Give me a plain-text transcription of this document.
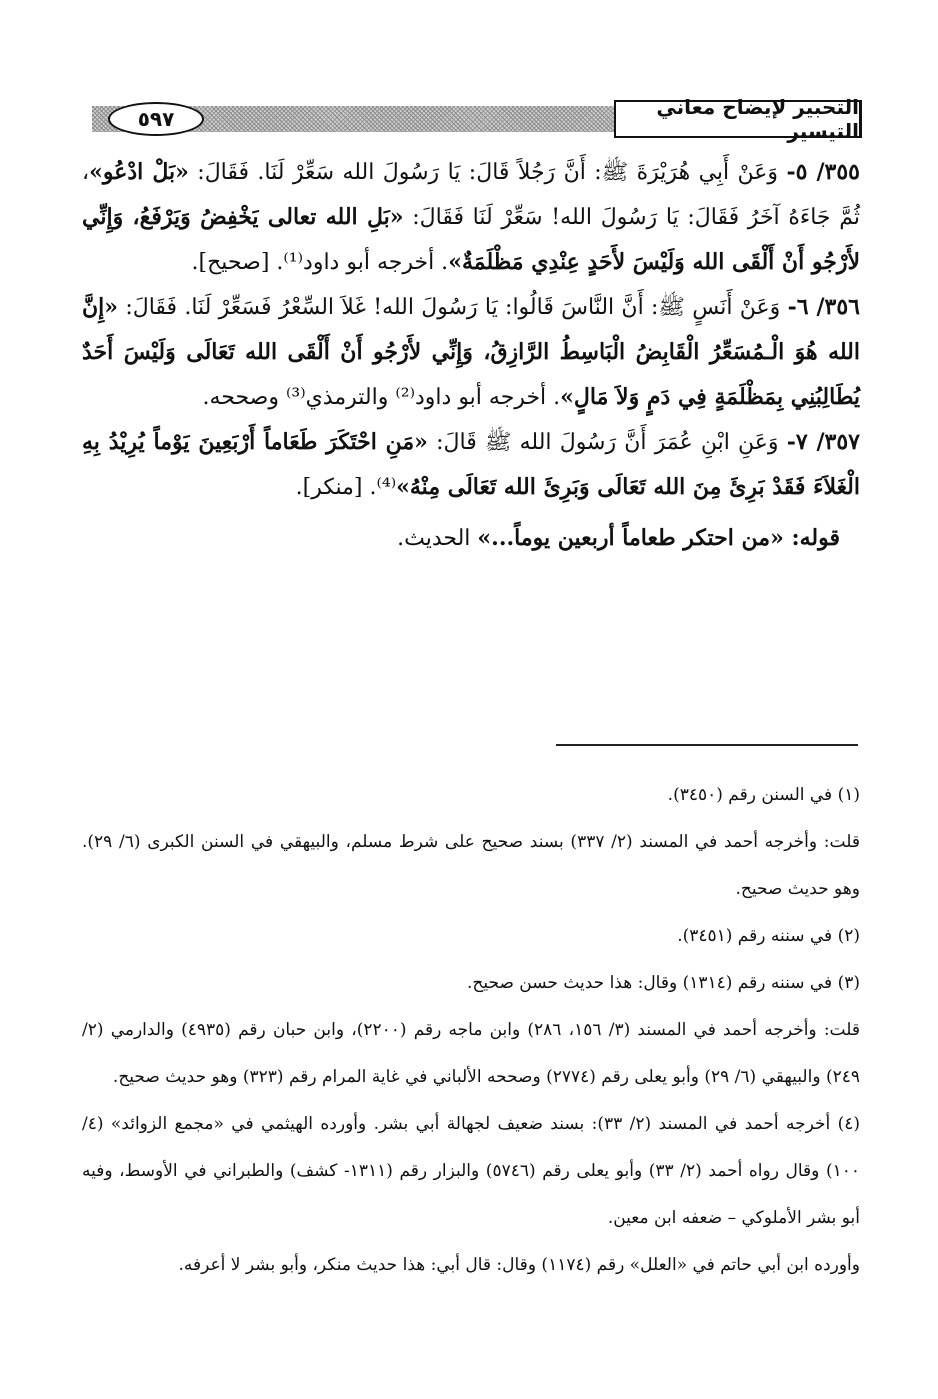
التحبير لإيضاح معاني التيسير
٥٩٧

٣٥٥/ ٥- وَعَنْ أَبِي هُرَيْرَةَ ﷺ: أَنَّ رَجُلاً قَالَ: يَا رَسُولَ الله سَعِّرْ لَنَا. فَقَالَ: «بَلْ ادْعُو»، ثُمَّ جَاءَهُ آخَرُ فَقَالَ: يَا رَسُولَ الله! سَعِّرْ لَنَا فَقَالَ: «بَلِ الله تعالى يَخْفِضُ وَيَرْفَعُ، وَإِنِّي لأَرْجُو أَنْ أَلْقَى الله وَلَيْسَ لأَحَدٍ عِنْدِي مَظْلَمَةٌ». أخرجه أبو داود⁽¹⁾. [صحيح].

٣٥٦/ ٦- وَعَنْ أَنَسٍ ﷺ: أَنَّ النَّاسَ قَالُوا: يَا رَسُولَ الله! غَلاَ السِّعْرُ فَسَعِّرْ لَنَا. فَقَالَ: «إِنَّ الله هُوَ الْـمُسَعِّرُ الْقَابِضُ الْبَاسِطُ الرَّازِقُ، وَإِنِّي لأَرْجُو أَنْ أَلْقَى الله تَعَالَى وَلَيْسَ أَحَدٌ يُطَالِبُنِي بِمَظْلَمَةٍ فِي دَمٍ وَلاَ مَالٍ». أخرجه أبو داود⁽²⁾ والترمذي⁽³⁾ وصححه.

٣٥٧/ ٧- وَعَنِ ابْنِ عُمَرَ أَنَّ رَسُولَ الله ﷺ قَالَ: «مَنِ احْتَكَرَ طَعَاماً أَرْبَعِينَ يَوْماً يُرِيْدُ بِهِ الْغَلاَءَ فَقَدْ بَرِئَ مِنَ الله تَعَالَى وَبَرِئَ الله تَعَالَى مِنْهُ»⁽⁴⁾. [منكر].

قوله: «من احتكر طعاماً أربعين يوماً...» الحديث.

(١) في السنن رقم (٣٤٥٠).

قلت: وأخرجه أحمد في المسند (٢/ ٣٣٧) بسند صحيح على شرط مسلم، والبيهقي في السنن الكبرى (٦/ ٢٩). وهو حديث صحيح.

(٢) في سننه رقم (٣٤٥١).

(٣) في سننه رقم (١٣١٤) وقال: هذا حديث حسن صحيح.

قلت: وأخرجه أحمد في المسند (٣/ ١٥٦، ٢٨٦) وابن ماجه رقم (٢٢٠٠)، وابن حبان رقم (٤٩٣٥) والدارمي (٢/ ٢٤٩) والبيهقي (٦/ ٢٩) وأبو يعلى رقم (٢٧٧٤) وصححه الألباني في غاية المرام رقم (٣٢٣) وهو حديث صحيح.

(٤) أخرجه أحمد في المسند (٢/ ٣٣): بسند ضعيف لجهالة أبي بشر. وأورده الهيثمي في «مجمع الزوائد» (٤/ ١٠٠) وقال رواه أحمد (٢/ ٣٣) وأبو يعلى رقم (٥٧٤٦) والبزار رقم (١٣١١- كشف) والطبراني في الأوسط، وفيه أبو بشر الأملوكي – ضعفه ابن معين.

وأورده ابن أبي حاتم في «العلل» رقم (١١٧٤) وقال: قال أبي: هذا حديث منكر، وأبو بشر لا أعرفه.
